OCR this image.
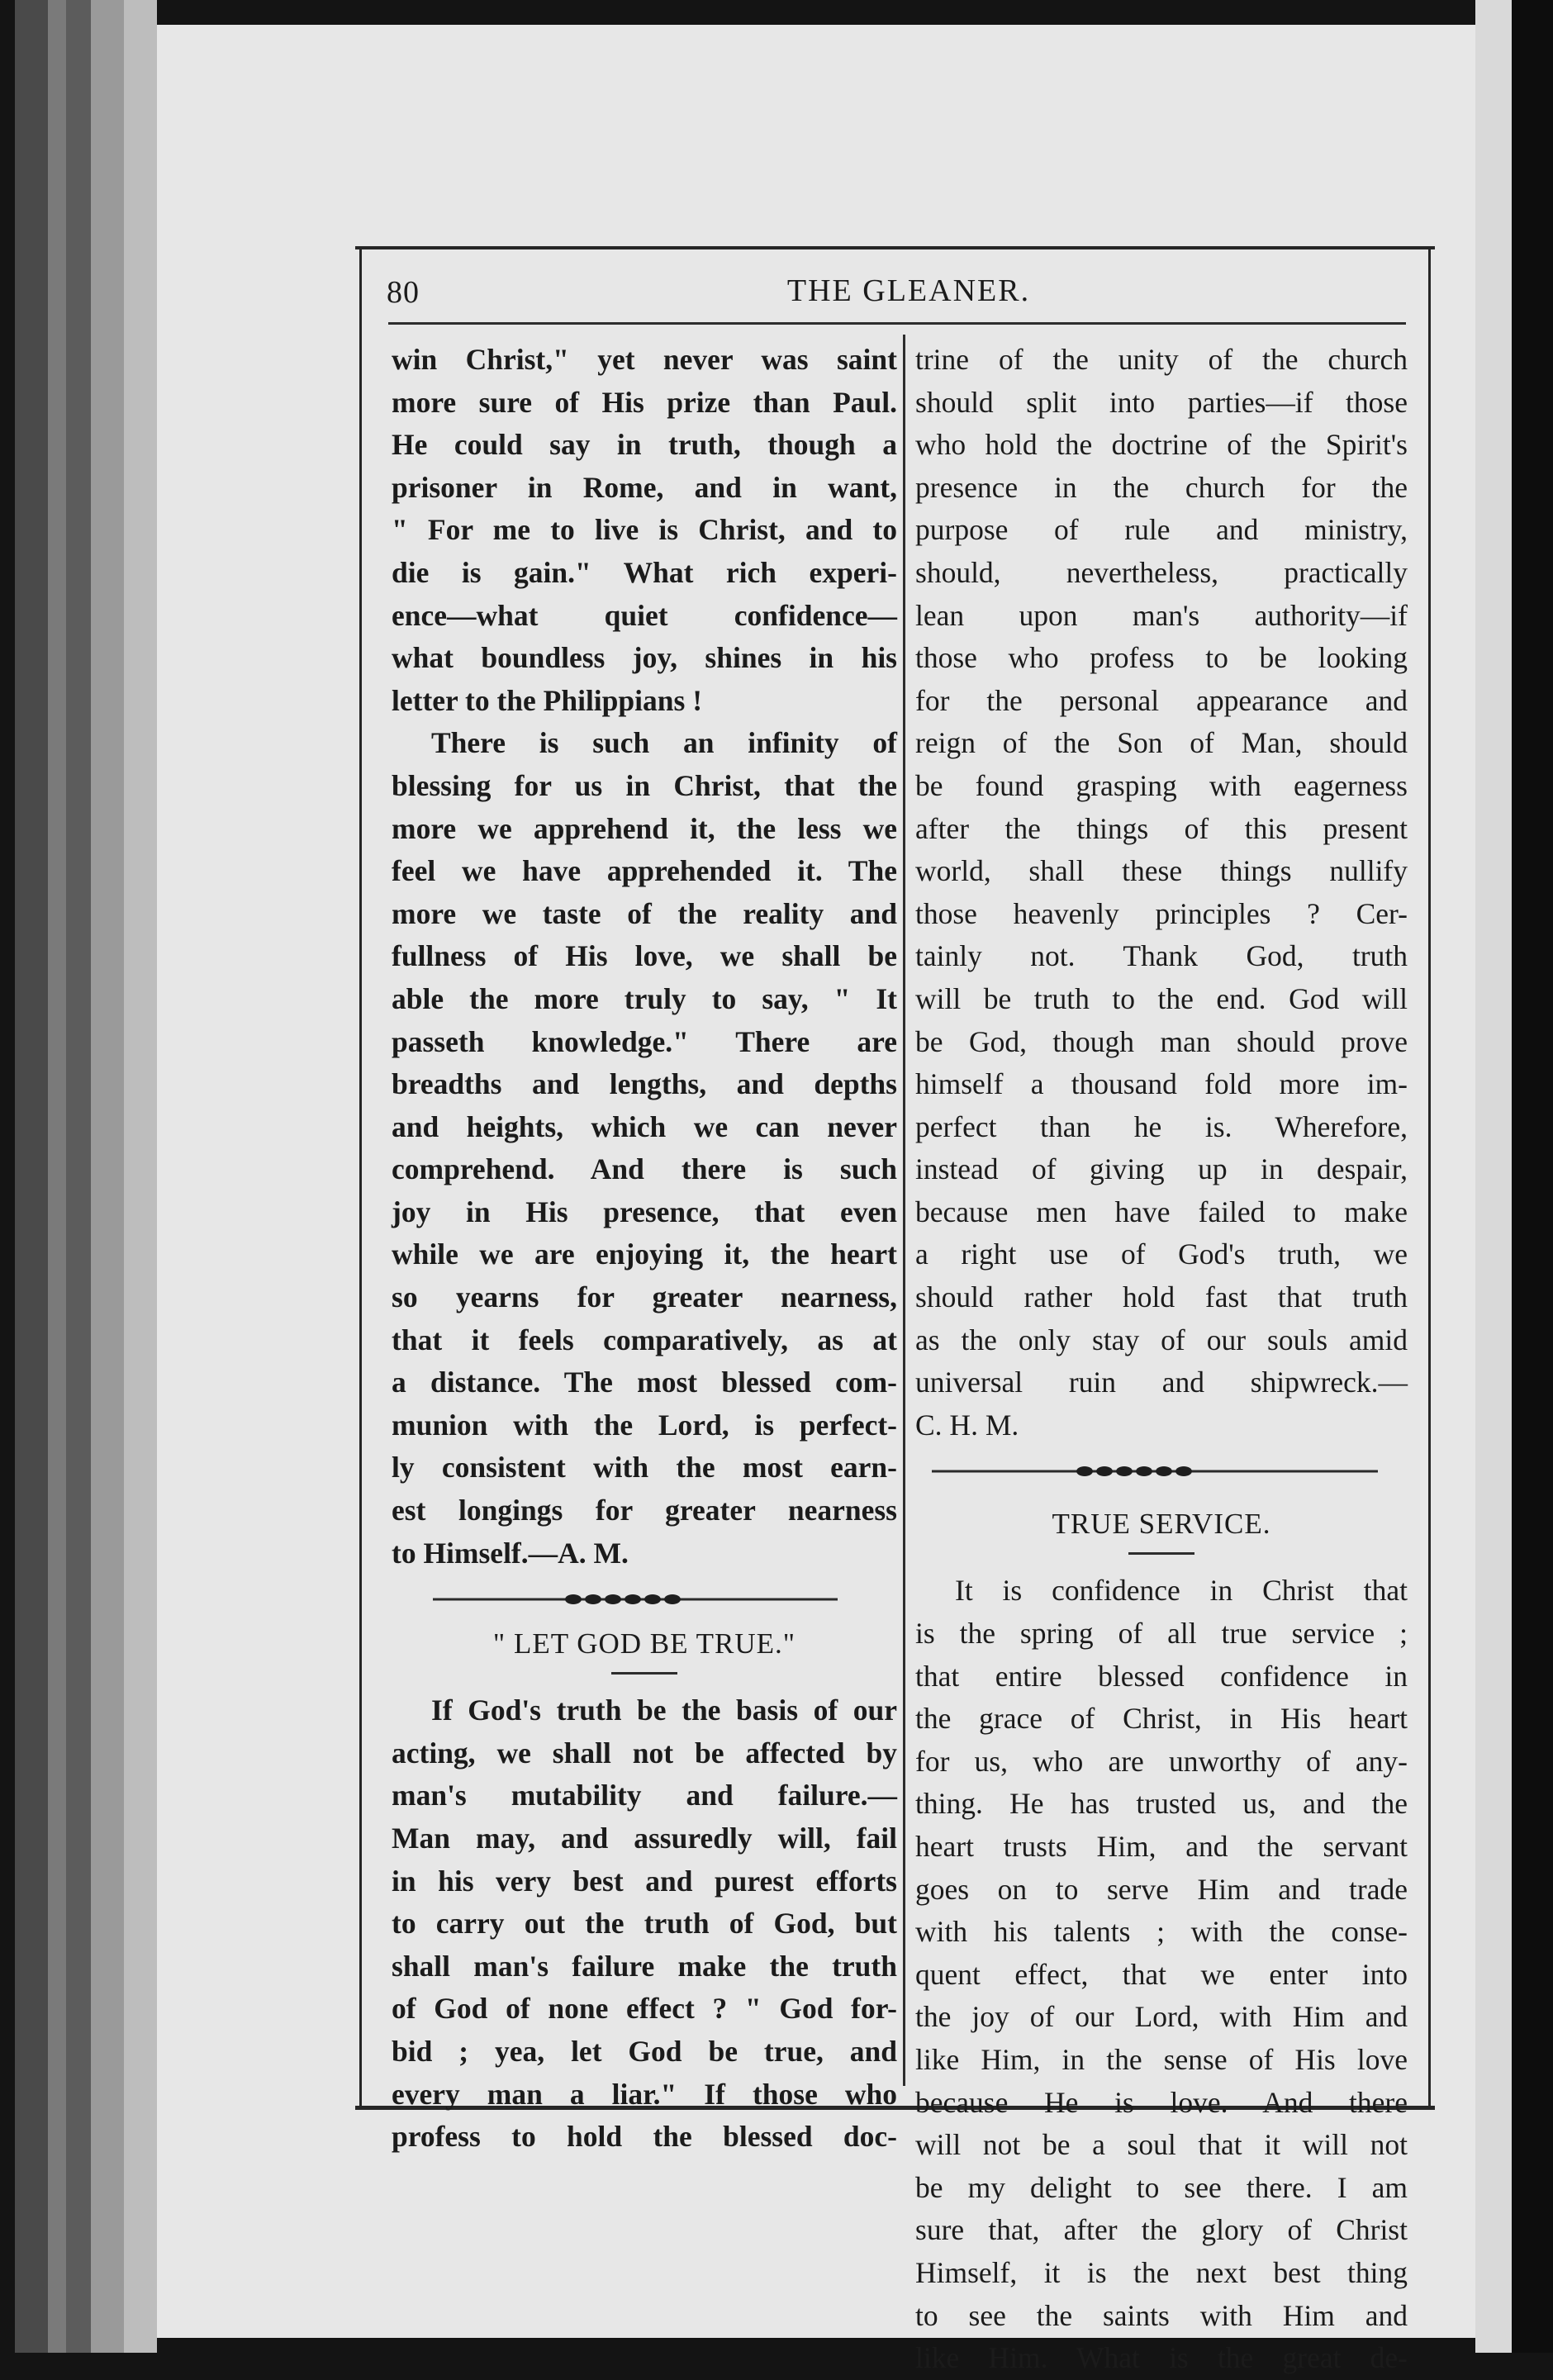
80	THE GLEANER.
win Christ," yet never was saint
more sure of His prize than Paul.
He could say in truth, though a
prisoner in Rome, and in want,
" For me to live is Christ, and to
die is gain." What rich experi-
ence—what quiet confidence—
what boundless joy, shines in his
letter to the Philippians !
There is such an infinity of
blessing for us in Christ, that the
more we apprehend it, the less we
feel we have apprehended it. The
more we taste of the reality and
fullness of His love, we shall be
able the more truly to say, " It
passeth knowledge." There are
breadths and lengths, and depths
and heights, which we can never
comprehend. And there is such
joy in His presence, that even
while we are enjoying it, the heart
so yearns for greater nearness,
that it feels comparatively, as at
a distance. The most blessed com-
munion with the Lord, is perfect-
ly consistent with the most earn-
est longings for greater nearness
to Himself.—A. M.
" LET GOD BE TRUE."
If God's truth be the basis of our
acting, we shall not be affected by
man's mutability and failure.—
Man may, and assuredly will, fail
in his very best and purest efforts
to carry out the truth of God, but
shall man's failure make the truth
of God of none effect ? " God for-
bid ; yea, let God be true, and
every man a liar." If those who
profess to hold the blessed doc-
trine of the unity of the church
should split into parties—if those
who hold the doctrine of the Spirit's
presence in the church for the
purpose of rule and ministry,
should, nevertheless, practically
lean upon man's authority—if
those who profess to be looking
for the personal appearance and
reign of the Son of Man, should
be found grasping with eagerness
after the things of this present
world, shall these things nullify
those heavenly principles ? Cer-
tainly not. Thank God, truth
will be truth to the end. God will
be God, though man should prove
himself a thousand fold more im-
perfect than he is. Wherefore,
instead of giving up in despair,
because men have failed to make
a right use of God's truth, we
should rather hold fast that truth
as the only stay of our souls amid
universal ruin and shipwreck.—
C. H. M.
TRUE SERVICE.
It is confidence in Christ that
is the spring of all true service ;
that entire blessed confidence in
the grace of Christ, in His heart
for us, who are unworthy of any-
thing. He has trusted us, and the
heart trusts Him, and the servant
goes on to serve Him and trade
with his talents ; with the conse-
quent effect, that we enter into
the joy of our Lord, with Him and
like Him, in the sense of His love
because He is love. And there
will not be a soul that it will not
be my delight to see there. I am
sure that, after the glory of Christ
Himself, it is the next best thing
to see the saints with Him and
like Him. What is the great de-
